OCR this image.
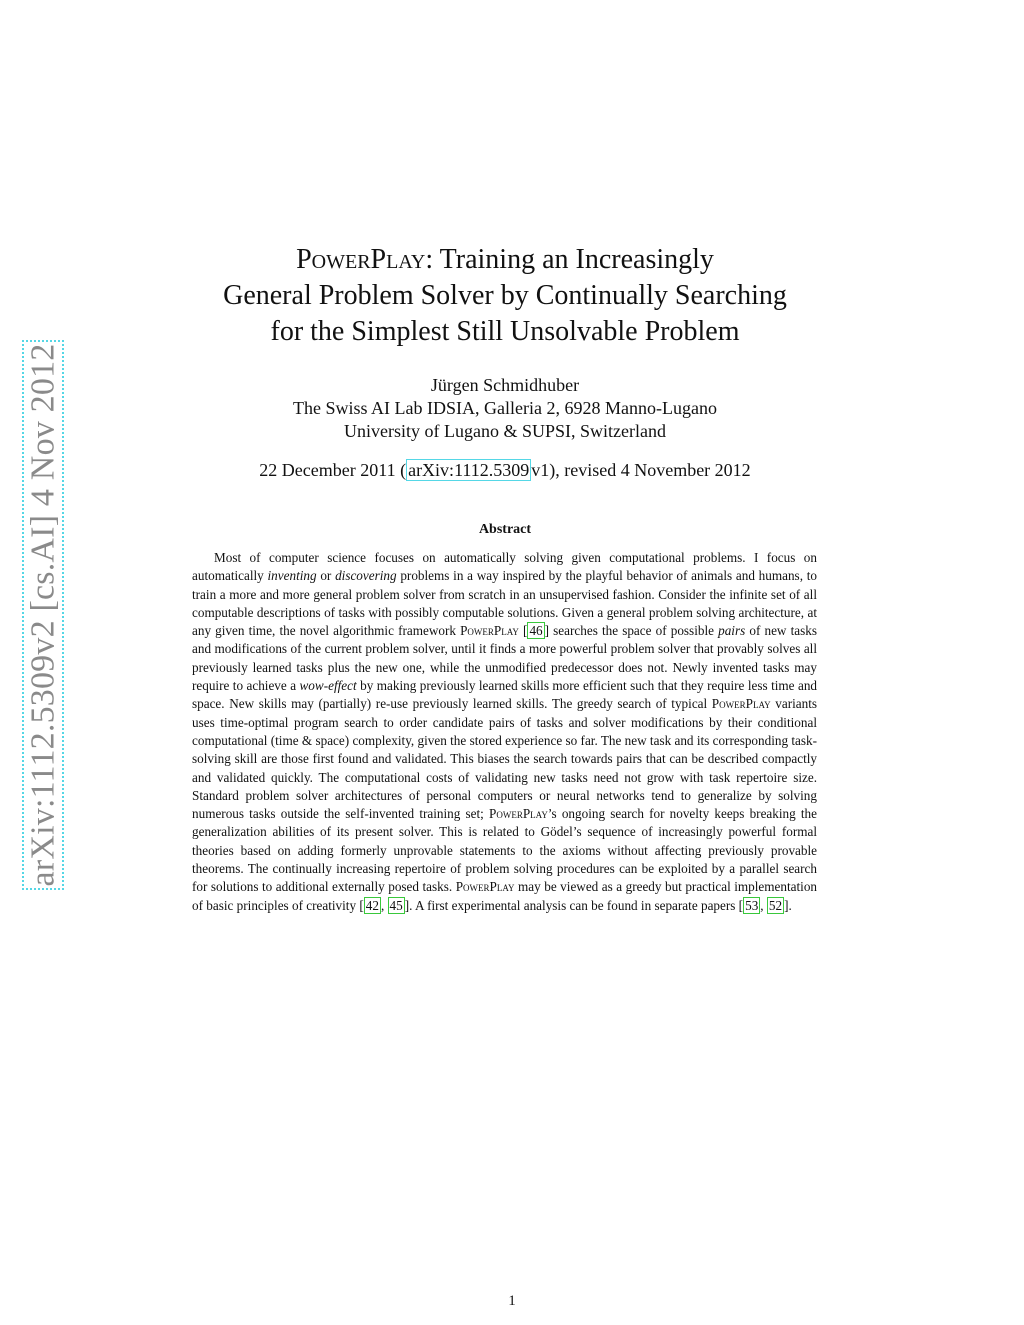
arXiv:1112.5309v2 [cs.AI] 4 Nov 2012
PowerPlay: Training an Increasingly
General Problem Solver by Continually Searching
for the Simplest Still Unsolvable Problem
Jürgen Schmidhuber
The Swiss AI Lab IDSIA, Galleria 2, 6928 Manno-Lugano
University of Lugano & SUPSI, Switzerland
22 December 2011 ( arXiv:1112.5309 v1), revised 4 November 2012
Abstract
Most of computer science focuses on automatically solving given computational problems. I focus on automatically inventing or discovering problems in a way inspired by the playful behavior of animals and humans, to train a more and more general problem solver from scratch in an unsupervised fashion. Consider the infinite set of all computable descriptions of tasks with possibly computable solutions. Given a general problem solving architecture, at any given time, the novel algorithmic framework PowerPlay [ 46 ] searches the space of possible pairs of new tasks and modifications of the current problem solver, until it finds a more powerful problem solver that provably solves all previously learned tasks plus the new one, while the unmodified predecessor does not. Newly invented tasks may require to achieve a wow-effect by making previously learned skills more efficient such that they require less time and space. New skills may (partially) re-use previously learned skills. The greedy search of typical PowerPlay variants uses time-optimal program search to order candidate pairs of tasks and solver modifications by their conditional computational (time & space) complexity, given the stored experience so far. The new task and its corresponding task-solving skill are those first found and validated. This biases the search towards pairs that can be described compactly and validated quickly. The computational costs of validating new tasks need not grow with task repertoire size. Standard problem solver architectures of personal computers or neural networks tend to generalize by solving numerous tasks outside the self-invented training set; PowerPlay’s ongoing search for novelty keeps breaking the generalization abilities of its present solver. This is related to Gödel’s sequence of increasingly powerful formal theories based on adding formerly unprovable statements to the axioms without affecting previously provable theorems. The continually increasing repertoire of problem solving procedures can be exploited by a parallel search for solutions to additional externally posed tasks. PowerPlay may be viewed as a greedy but practical implementation of basic principles of creativity [ 42 , 45 ]. A first experimental analysis can be found in separate papers [ 53 , 52 ].
1
